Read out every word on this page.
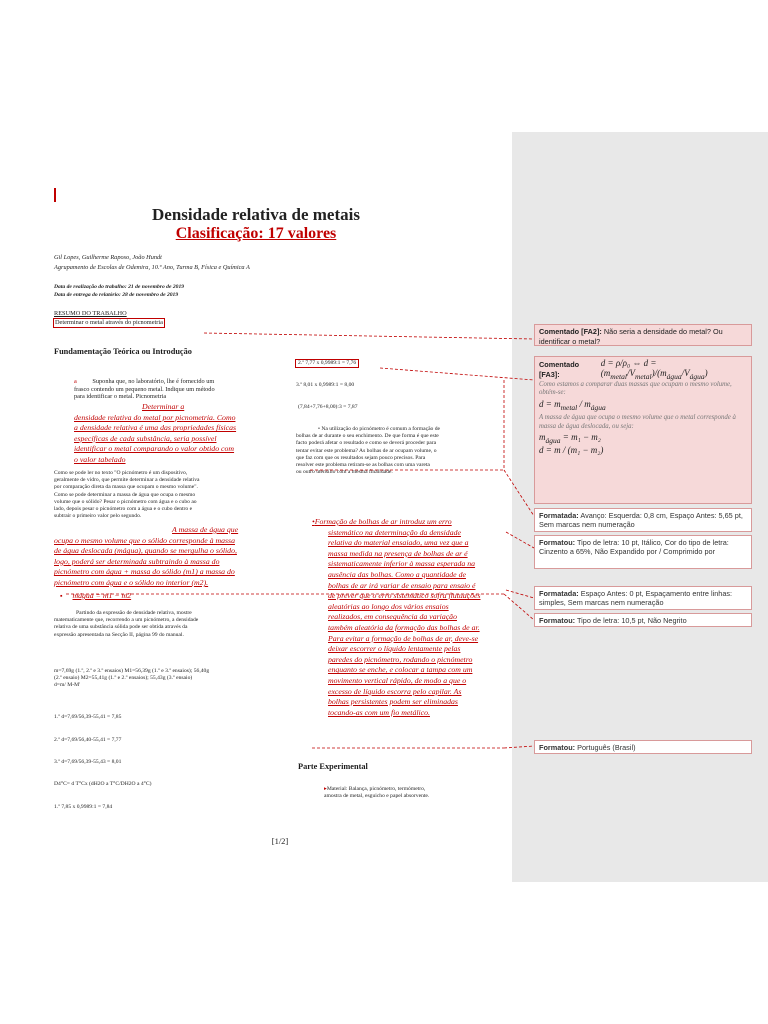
Densidade relativa de metais
Clasificação: 17 valores
Gil Lopes, Guilherme Raposo, João Hundt
Agrupamento de Escolas de Odemira, 10.º Ano, Turma B, Física e Química A
Data de realização do trabalho: 21 de novembro de 2019
Data de entrega do relatório: 28 de novembro de 2019
RESUMO DO TRABALHO
Determinar o metal através do picnometria
Fundamentação Teórica ou Introdução
a Suponha que, no laboratório, lhe é fornecido um
frasco contendo um pequeno metal. Indique um método
para identificar o metal. Picnometria
Determinar a
densidade relativa do metal por picnometria. Como
a densidade relativa é uma das propriedades físicas
específicas de cada substância, seria possível
identificar o metal comparando o valor obtido com
o valor tabelado
Como se pode ler no texto "O picnómetro é um dispositivo,
geralmente de vidro, que permite determinar a densidade relativa
por comparação direta da massa que ocupam o mesmo volume".
Como se pode determinar a massa de água que ocupa o mesmo
volume que o sólido? Pesar o picnómetro com água e o cubo ao
lado, depois pesar o picnómetro com a água e o cubo dentro e
subtrair o primeiro valor pelo segundo.
A massa de água que
ocupa o mesmo volume que o sólido corresponde à massa
de água deslocada (mágua), quando se mergulha o sólido,
logo, poderá ser determinada subtraindo à massa do
picnómetro com água + massa do sólido (m1) a massa do
picnómetro com água e o sólido no interior (m2).
▪ mágua = m1 − m2
Partindo da expressão de densidade relativa, mostre
matematicamente que, recorrendo a um picnómetro, a densidade
relativa de uma substância sólida pode ser obtida através da
expressão apresentada na Secção II, página 99 do manual.
m=7,69g (1.º, 2.º e 3.º ensaios) M1=56,39g (1.º e 3.º ensaios); 56,40g
(2.º ensaio) M2=55,41g (1.º e 2.º ensaios); 55,43g (3.º ensaio)
d=m/ M-M'
1.º d=7,69/56,39-55,41 = 7,85
2.º d=7,69/56,40-55,41 = 7,77
3.º d=7,69/56,39-55,43 = 8,01
D4°C= d T°Cx (dH2O a T°C/DH2O a 4°C)
1.º 7,85 x 0,9989:1 = 7,84
2.º 7,77 x 0,9989:1 = 7,76
3.º 8,01 x 0,9989:1 = 8,00
(7,84+7,76+8,00):3 = 7,87
• Na utilização do picnómetro é comum a formação de
bolhas de ar durante o seu enchimento. De que forma é que este
facto poderá afetar o resultado e como se deverá proceder para
tentar evitar este problema? As bolhas de ar ocupam volume, o
que faz com que os resultados sejam pouco precisos. Para
resolver este problema retiram-se as bolhas com uma vareta
ou outro utensílio com a mesma finalidade.
•Formação de bolhas de ar introduz um erro
sistemático na determinação da densidade
relativa do material ensaiado, uma vez que a
massa medida na presença de bolhas de ar é
sistematicamente inferior à massa esperada na
ausência das bolhas. Como a quantidade de
bolhas de ar irá variar de ensaio para ensaio é
de prever que o erro sistemático sofra flutuações
aleatórias ao longo dos vários ensaios
realizados, em consequência da variação
também aleatória da formação das bolhas de ar.
Para evitar a formação de bolhas de ar, deve-se
deixar escorrer o líquido lentamente pelas
paredes do picnómetro, rodando o picnómetro
enquanto se enche, e colocar a tampa com um
movimento vertical rápido, de modo a que o
excesso de líquido escorra pelo capilar. As
bolhas persistentes podem ser eliminadas
tocando-as com um fio metálico.
Parte Experimental
▸Material: Balança, picnómetro, termómetro,
amostra de metal, esguicho e papel absorvente.
[1/2]
Comentado [FA2]: Não seria a densidade do metal? Ou identificar o metal?
Comentado [FA3]:
d = ρ/ρ₀ ⇔ $d = (m_{metal}/V_{metal})/(m_{água}/V_{água})$
Como estamos a comparar duas massas que ocupam o mesmo volume, obtém-se:
$d = m_{metal} / m_{água}$
A massa de água que ocupa o mesmo volume que o metal corresponde à massa de água deslocada, ou seja:
$m_{água} = m_1 - m_2$
d = m / (m₁ − m₂)
Formatada: Avanço: Esquerda: 0,8 cm, Espaço Antes: 5,65 pt, Sem marcas nem numeração
Formatou: Tipo de letra: 10 pt, Itálico, Cor do tipo de letra: Cinzento a 65%, Não Expandido por / Comprimido por
Formatada: Espaço Antes: 0 pt, Espaçamento entre linhas: simples, Sem marcas nem numeração
Formatou: Tipo de letra: 10,5 pt, Não Negrito
Formatou: Português (Brasil)
